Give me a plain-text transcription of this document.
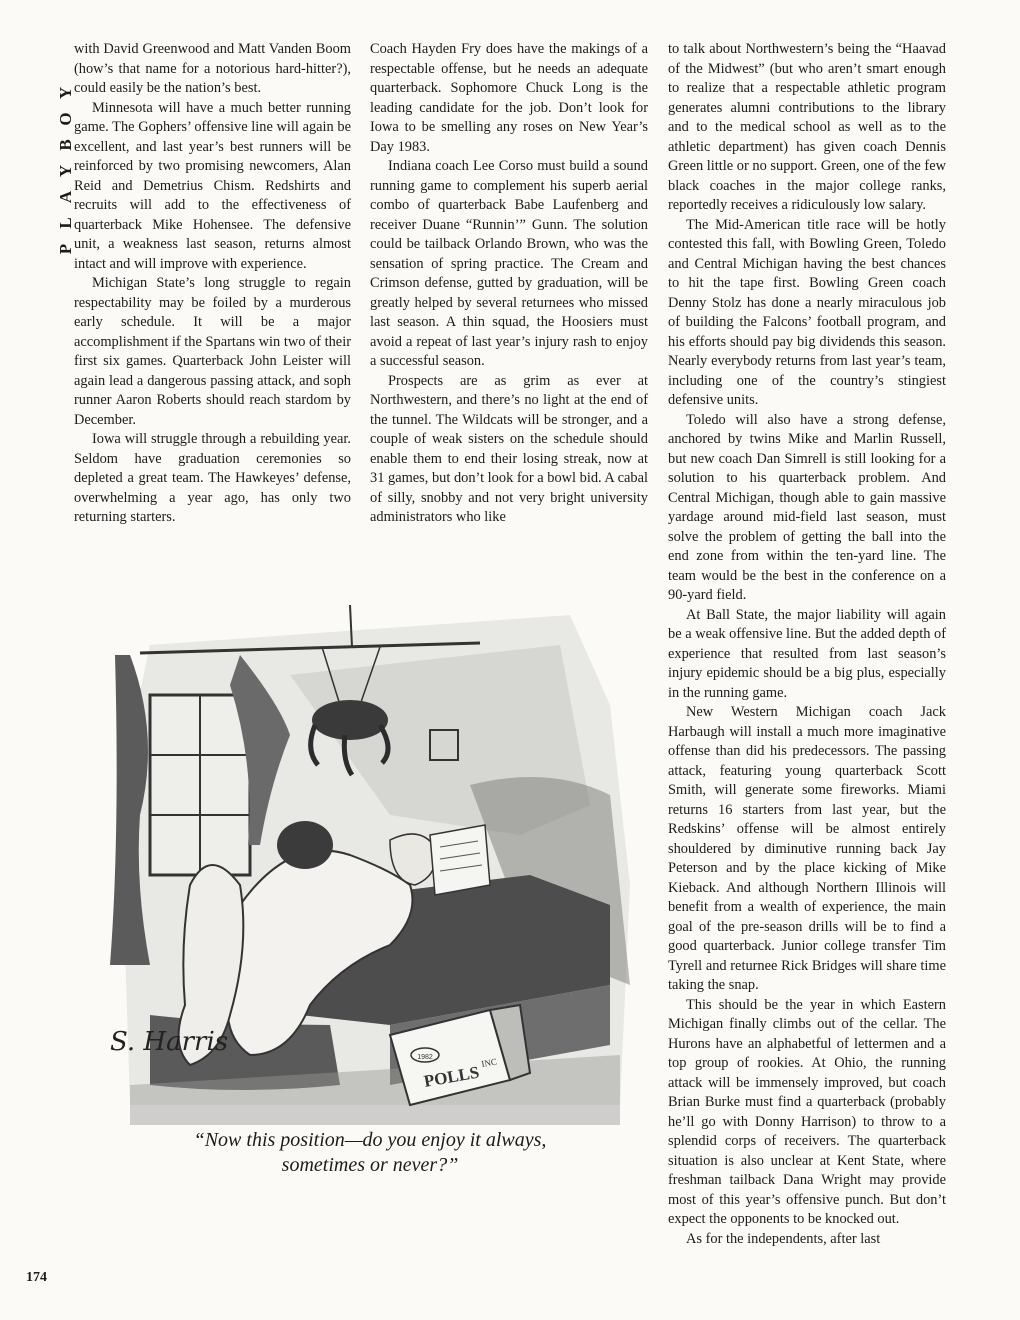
Y
O
B
Y
A
L
P

with David Greenwood and Matt Vanden Boom (how’s that name for a notorious hard-hitter?), could easily be the nation’s best.

Minnesota will have a much better running game. The Gophers’ offensive line will again be excellent, and last year’s best runners will be reinforced by two promising newcomers, Alan Reid and Demetrius Chism. Redshirts and recruits will add to the effectiveness of quarterback Mike Hohensee. The defensive unit, a weakness last season, returns almost intact and will improve with experience.

Michigan State’s long struggle to regain respectability may be foiled by a murderous early schedule. It will be a major accomplishment if the Spartans win two of their first six games. Quarterback John Leister will again lead a dangerous passing attack, and soph runner Aaron Roberts should reach stardom by December.

Iowa will struggle through a rebuilding year. Seldom have graduation ceremonies so depleted a great team. The Hawkeyes’ defense, overwhelming a year ago, has only two returning starters.

Coach Hayden Fry does have the makings of a respectable offense, but he needs an adequate quarterback. Sophomore Chuck Long is the leading candidate for the job. Don’t look for Iowa to be smelling any roses on New Year’s Day 1983.

Indiana coach Lee Corso must build a sound running game to complement his superb aerial combo of quarterback Babe Laufenberg and receiver Duane “Runnin’” Gunn. The solution could be tailback Orlando Brown, who was the sensation of spring practice. The Cream and Crimson defense, gutted by graduation, will be greatly helped by several returnees who missed last season. A thin squad, the Hoosiers must avoid a repeat of last year’s injury rash to enjoy a successful season.

Prospects are as grim as ever at Northwestern, and there’s no light at the end of the tunnel. The Wildcats will be stronger, and a couple of weak sisters on the schedule should enable them to end their losing streak, now at 31 games, but don’t look for a bowl bid. A cabal of silly, snobby and not very bright university administrators who like

to talk about Northwestern’s being the “Haavad of the Midwest” (but who aren’t smart enough to realize that a respectable athletic program generates alumni contributions to the library and to the medical school as well as to the athletic department) has given coach Dennis Green little or no support. Green, one of the few black coaches in the major college ranks, reportedly receives a ridiculously low salary.

The Mid-American title race will be hotly contested this fall, with Bowling Green, Toledo and Central Michigan having the best chances to hit the tape first. Bowling Green coach Denny Stolz has done a nearly miraculous job of building the Falcons’ football program, and his efforts should pay big dividends this season. Nearly everybody returns from last year’s team, including one of the country’s stingiest defensive units.

Toledo will also have a strong defense, anchored by twins Mike and Marlin Russell, but new coach Dan Simrell is still looking for a solution to his quarterback problem. And Central Michigan, though able to gain massive yardage around mid-field last season, must solve the problem of getting the ball into the end zone from within the ten-yard line. The team would be the best in the conference on a 90-yard field.

At Ball State, the major liability will again be a weak offensive line. But the added depth of experience that resulted from last season’s injury epidemic should be a big plus, especially in the running game.

New Western Michigan coach Jack Harbaugh will install a much more imaginative offense than did his predecessors. The passing attack, featuring young quarterback Scott Smith, will generate some fireworks. Miami returns 16 starters from last year, but the Redskins’ offense will be almost entirely shouldered by diminutive running back Jay Peterson and by the place kicking of Mike Kieback. And although Northern Illinois will benefit from a wealth of experience, the main goal of the pre-season drills will be to find a good quarterback. Junior college transfer Tim Tyrell and returnee Rick Bridges will share time taking the snap.

This should be the year in which Eastern Michigan finally climbs out of the cellar. The Hurons have an alphabetful of lettermen and a top group of rookies. At Ohio, the running attack will be immensely improved, but coach Brian Burke must find a quarterback (probably he’ll go with Donny Harrison) to throw to a splendid corps of receivers. The quarterback situation is also unclear at Kent State, where freshman tailback Dana Wright may provide most of this year’s offensive punch. But don’t expect the opponents to be knocked out.

As for the independents, after last

1982
POLLS INC
S. Harris
“Now this position—do you enjoy it always,
sometimes or never?”
174
